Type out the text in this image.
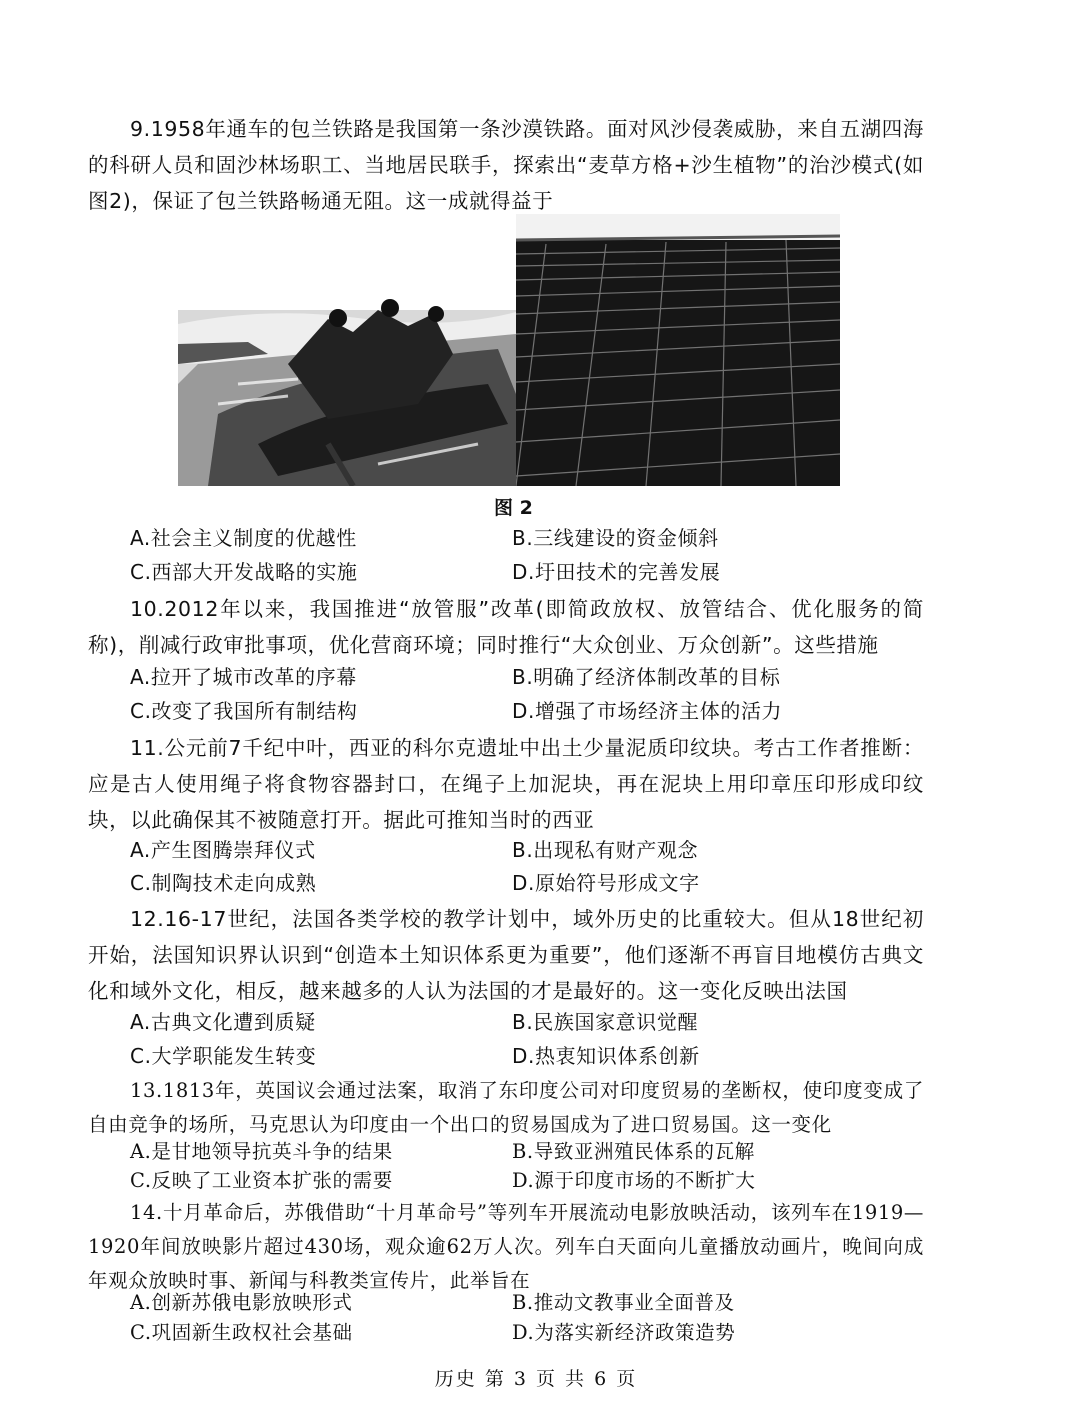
9.1958年通车的包兰铁路是我国第一条沙漠铁路。面对风沙侵袭威胁，来自五湖四海的科研人员和固沙林场职工、当地居民联手，探索出“麦草方格+沙生植物”的治沙模式(如图2)，保证了包兰铁路畅通无阻。这一成就得益于

图 2
A.社会主义制度的优越性	B.三线建设的资金倾斜
C.西部大开发战略的实施	D.圩田技术的完善发展

10.2012年以来，我国推进“放管服”改革(即简政放权、放管结合、优化服务的简称)，削减行政审批事项，优化营商环境；同时推行“大众创业、万众创新”。这些措施

A.拉开了城市改革的序幕	B.明确了经济体制改革的目标
C.改变了我国所有制结构	D.增强了市场经济主体的活力

11.公元前7千纪中叶，西亚的科尔克遗址中出土少量泥质印纹块。考古工作者推断：应是古人使用绳子将食物容器封口，在绳子上加泥块，再在泥块上用印章压印形成印纹块，以此确保其不被随意打开。据此可推知当时的西亚

A.产生图腾崇拜仪式	B.出现私有财产观念
C.制陶技术走向成熟	D.原始符号形成文字

12.16-17世纪，法国各类学校的教学计划中，域外历史的比重较大。但从18世纪初开始，法国知识界认识到“创造本土知识体系更为重要”，他们逐渐不再盲目地模仿古典文化和域外文化，相反，越来越多的人认为法国的才是最好的。这一变化反映出法国

A.古典文化遭到质疑	B.民族国家意识觉醒
C.大学职能发生转变	D.热衷知识体系创新

13.1813年，英国议会通过法案，取消了东印度公司对印度贸易的垄断权，使印度变成了自由竞争的场所，马克思认为印度由一个出口的贸易国成为了进口贸易国。这一变化

A.是甘地领导抗英斗争的结果	B.导致亚洲殖民体系的瓦解
C.反映了工业资本扩张的需要	D.源于印度市场的不断扩大

14.十月革命后，苏俄借助“十月革命号”等列车开展流动电影放映活动，该列车在1919—1920年间放映影片超过430场，观众逾62万人次。列车白天面向儿童播放动画片，晚间向成年观众放映时事、新闻与科教类宣传片，此举旨在

A.创新苏俄电影放映形式	B.推动文教事业全面普及
C.巩固新生政权社会基础	D.为落实新经济政策造势
历史 第 3 页 共 6 页
